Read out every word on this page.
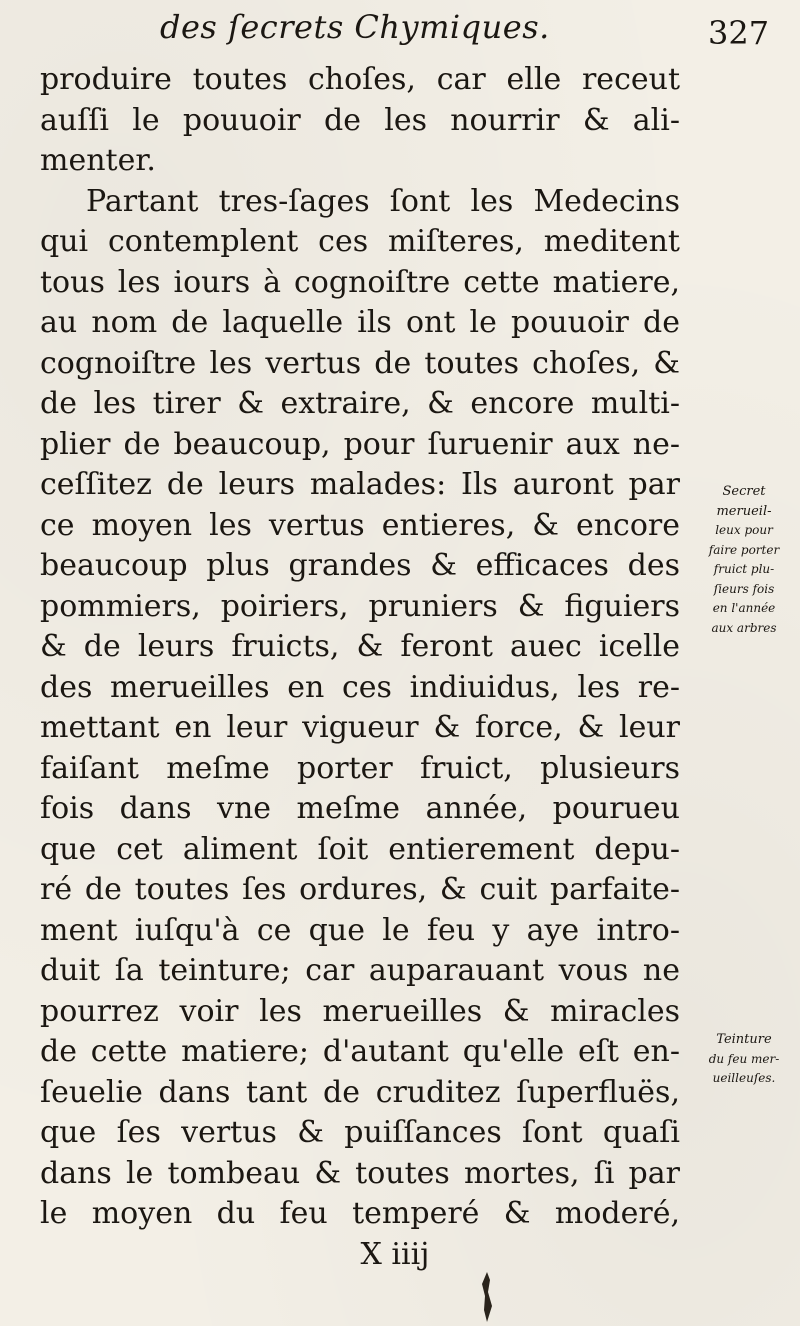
des ſecrets Chymiques.	327
produire toutes choſes, car elle receut
auſſi le pouuoir de les nourrir & ali-
menter.
Partant tres-ſages ſont les Medecins
qui contemplent ces miſteres, meditent
tous les iours à cognoiſtre cette matiere,
au nom de laquelle ils ont le pouuoir de
cognoiſtre les vertus de toutes choſes, &
de les tirer & extraire, & encore multi-
plier de beaucoup, pour ſuruenir aux ne-
ceſſitez de leurs malades: Ils auront par
ce moyen les vertus entieres, & encore
beaucoup plus grandes & efficaces des
pommiers, poiriers, pruniers & figuiers
& de leurs fruicts, & feront auec icelle
des merueilles en ces indiuidus, les re-
mettant en leur vigueur & force, & leur
faiſant meſme porter fruict, plusieurs
fois dans vne meſme année, pourueu
que cet aliment ſoit entierement depu-
ré de toutes ſes ordures, & cuit parfaite-
ment iuſqu'à ce que le feu y aye intro-
duit ſa teinture; car auparauant vous ne
pourrez voir les merueilles & miracles
de cette matiere; d'autant qu'elle eſt en-
ſeuelie dans tant de cruditez ſuperfluës,
que ſes vertus & puiſſances ſont quaſi
dans le tombeau & toutes mortes, ſi par
le moyen du feu temperé & moderé,
X iiij
Secret
merueil-
leux pour
faire porter
fruict plu-
ſieurs fois
en l'année
aux arbres
Teinture
du feu mer-
ueilleuſes.
